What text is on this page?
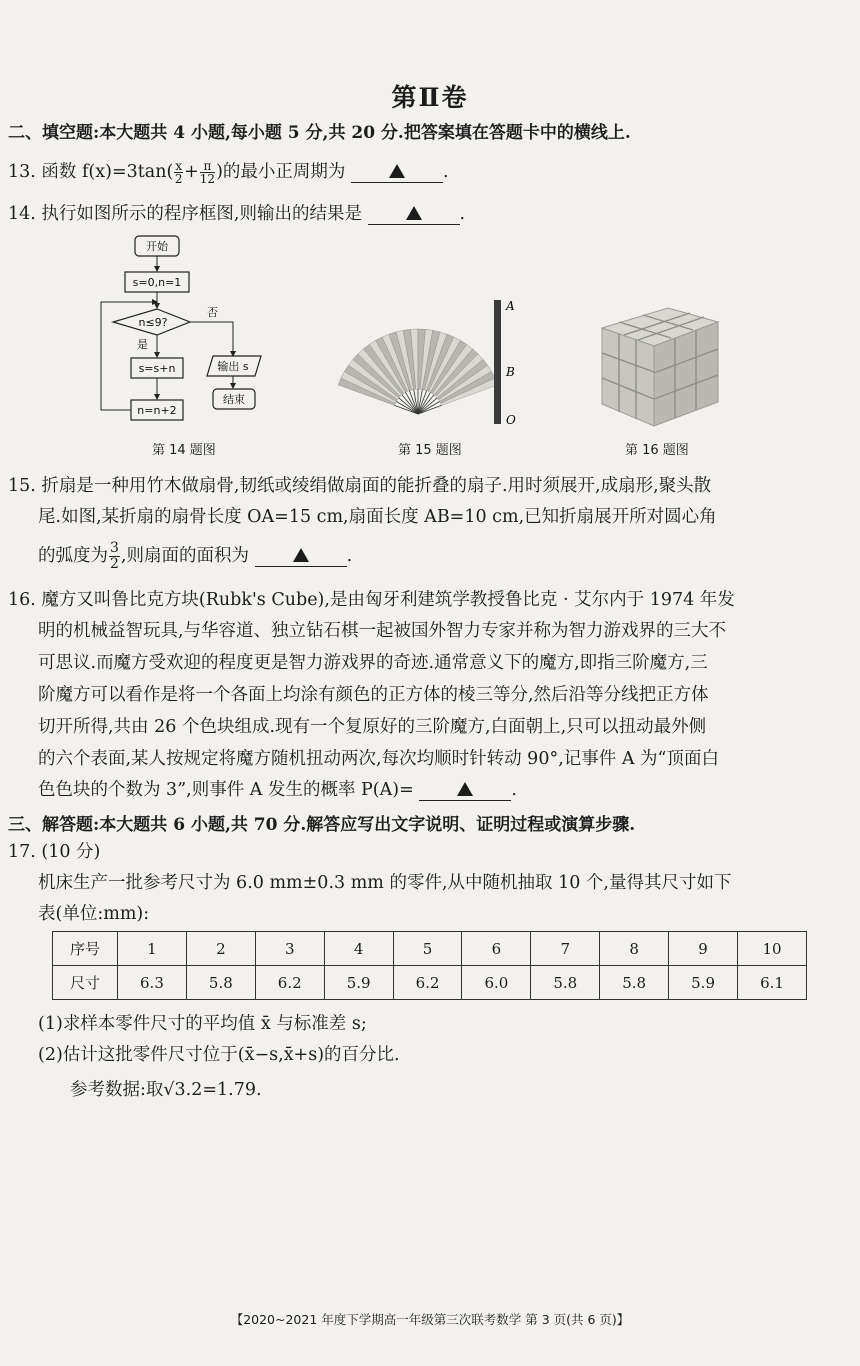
第Ⅱ卷
二、填空题:本大题共 4 小题,每小题 5 分,共 20 分.把答案填在答题卡中的横线上.
13. 函数 $f(x)=3\tan( \frac{x}{2} + \frac{\pi}{12}$ )的最小正周期为	.
14. 执行如图所示的程序框图,则输出的结果是	.
开始
s=0,n=1
n≤9?
否
输出 s
结束
是
s=s+n
n=n+2
A
B
O
第 14 题图	第 15 题图	第 16 题图
15. 折扇是一种用竹木做扇骨,韧纸或绫绢做扇面的能折叠的扇子.用时须展开,成扇形,聚头散
尾.如图,某折扇的扇骨长度 OA=15 cm,扇面长度 AB=10 cm,已知折扇展开所对圆心角
的弧度为 $\frac{3}{2}$ ,则扇面的面积为	.
16. 魔方又叫鲁比克方块(Rubk's Cube),是由匈牙利建筑学教授鲁比克 · 艾尔内于 1974 年发
明的机械益智玩具,与华容道、独立钻石棋一起被国外智力专家并称为智力游戏界的三大不
可思议.而魔方受欢迎的程度更是智力游戏界的奇迹.通常意义下的魔方,即指三阶魔方,三
阶魔方可以看作是将一个各面上均涂有颜色的正方体的棱三等分,然后沿等分线把正方体
切开所得,共由 26 个色块组成.现有一个复原好的三阶魔方,白面朝上,只可以扭动最外侧
的六个表面,某人按规定将魔方随机扭动两次,每次均顺时针转动 90°,记事件 A 为“顶面白
色色块的个数为 3”,则事件 A 发生的概率 P(A)=	.
三、解答题:本大题共 6 小题,共 70 分.解答应写出文字说明、证明过程或演算步骤.
17. (10 分)
机床生产一批参考尺寸为 6.0 mm±0.3 mm 的零件,从中随机抽取 10 个,量得其尺寸如下
表(单位:mm):
序号	1	2	3	4	5	6	7	8	9	10
尺寸	6.3	5.8	6.2	5.9	6.2	6.0	5.8	5.8	5.9	6.1
(1)求样本零件尺寸的平均值 x̄ 与标准差 s;
(2)估计这批零件尺寸位于(x̄−s,x̄+s)的百分比.
参考数据:取√3.2=1.79.
【2020~2021 年度下学期高一年级第三次联考数学 第 3 页(共 6 页)】
